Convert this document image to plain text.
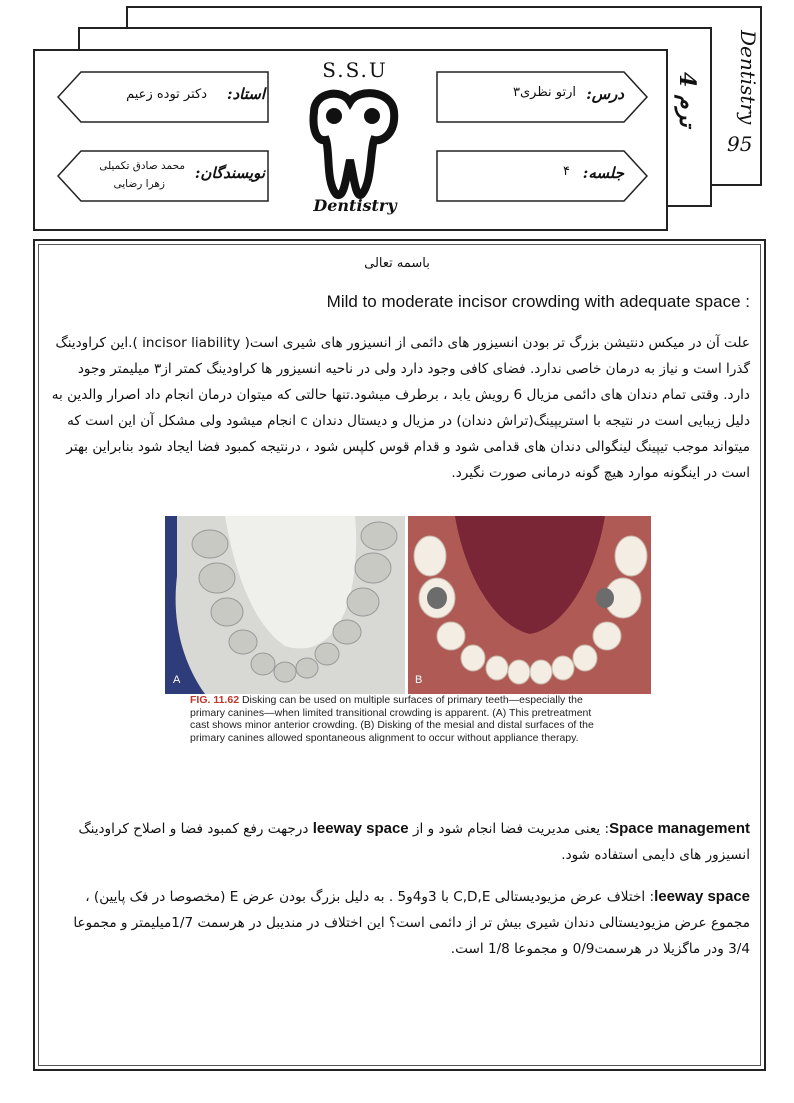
Dentistry
95
ترم 4
استاد:
دکتر توده زعیم
نویسندگان:
محمد صادق تکمیلی
زهرا رضایی
درس:
ارتو نظری۳
جلسه:
۴
S.S.U
Dentistry
باسمه تعالی
Mild to moderate incisor crowding with adequate space :
علت آن در میکس دنتیشن بزرگ تر بودن انسیزور های دائمی از انسیزور های شیری است( incisor liability ).این کراودینگ گذرا است و نیاز به درمان خاصی ندارد. فضای کافی وجود دارد ولی در ناحیه انسیزور ها کراودینگ کمتر از۳ میلیمتر وجود دارد. وقتی تمام دندان های دائمی مزیال 6 رویش یابد ، برطرف میشود.تنها حالتی که میتوان درمان انجام داد اصرار والدین به دلیل زیبایی است در نتیجه با استریپینگ(تراش دندان) در مزیال و دیستال دندان c انجام میشود ولی مشکل آن این است که میتواند موجب تیپینگ لینگوالی دندان های قدامی شود و قدام قوس کلپس شود ، درنتیجه کمبود فضا ایجاد شود بنابراین بهتر است در اینگونه موارد هیچ گونه درمانی صورت نگیرد.
A	B
FIG. 11.62 Disking can be used on multiple surfaces of primary teeth—especially the primary canines—when limited transitional crowding is apparent. (A) This pretreatment cast shows minor anterior crowding. (B) Disking of the mesial and distal surfaces of the primary canines allowed spontaneous alignment to occur without appliance therapy.
Space management: یعنی مدیریت فضا انجام شود و از leeway space درجهت رفع کمبود فضا و اصلاح کراودینگ انسیزور های دایمی استفاده شود.
leeway space: اختلاف عرض مزیودیستالی C,D,E با 3و4و5 . به دلیل بزرگ بودن عرض E (مخصوصا در فک پایین) ، مجموع عرض مزیودیستالی دندان شیری بیش تر از دائمی است؟ این اختلاف در مندیبل در هرسمت 1/7میلیمتر و مجموعا 3/4 ودر ماگزیلا در هرسمت0/9 و مجموعا 1/8 است.
